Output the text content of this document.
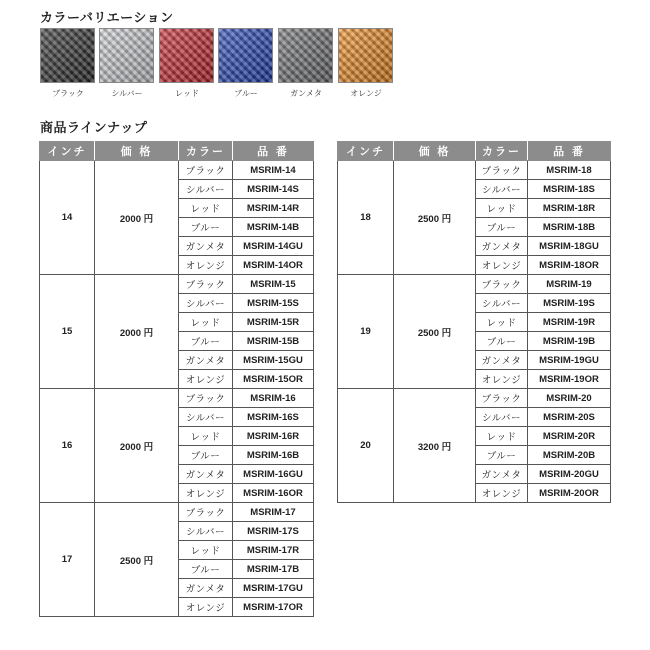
カラーバリエーション
ブラック	シルバー	レッド	ブルー	ガンメタ	オレンジ
商品ラインナップ
インチ	価 格	カラー	品 番
14	2000 円	ブラック	MSRIM-14
		シルバー	MSRIM-14S
		レッド	MSRIM-14R
		ブルー	MSRIM-14B
		ガンメタ	MSRIM-14GU
		オレンジ	MSRIM-14OR
15	2000 円	ブラック	MSRIM-15
		シルバー	MSRIM-15S
		レッド	MSRIM-15R
		ブルー	MSRIM-15B
		ガンメタ	MSRIM-15GU
		オレンジ	MSRIM-15OR
16	2000 円	ブラック	MSRIM-16
		シルバー	MSRIM-16S
		レッド	MSRIM-16R
		ブルー	MSRIM-16B
		ガンメタ	MSRIM-16GU
		オレンジ	MSRIM-16OR
17	2500 円	ブラック	MSRIM-17
		シルバー	MSRIM-17S
		レッド	MSRIM-17R
		ブルー	MSRIM-17B
		ガンメタ	MSRIM-17GU
		オレンジ	MSRIM-17OR
インチ	価 格	カラー	品 番
18	2500 円	ブラック	MSRIM-18
		シルバー	MSRIM-18S
		レッド	MSRIM-18R
		ブルー	MSRIM-18B
		ガンメタ	MSRIM-18GU
		オレンジ	MSRIM-18OR
19	2500 円	ブラック	MSRIM-19
		シルバー	MSRIM-19S
		レッド	MSRIM-19R
		ブルー	MSRIM-19B
		ガンメタ	MSRIM-19GU
		オレンジ	MSRIM-19OR
20	3200 円	ブラック	MSRIM-20
		シルバー	MSRIM-20S
		レッド	MSRIM-20R
		ブルー	MSRIM-20B
		ガンメタ	MSRIM-20GU
		オレンジ	MSRIM-20OR
